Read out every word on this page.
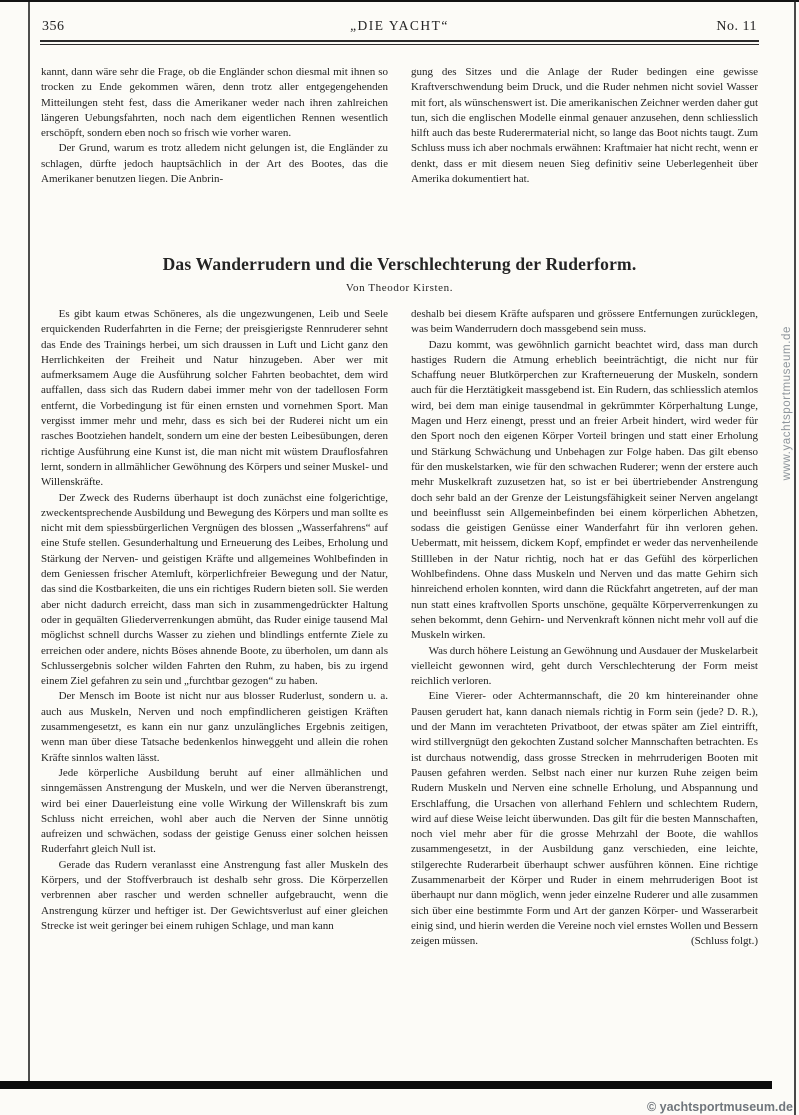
356	„DIE YACHT“	No. 11

kannt, dann wäre sehr die Frage, ob die Engländer schon diesmal mit ihnen so trocken zu Ende gekommen wären, denn trotz aller entgegengehenden Mitteilungen steht fest, dass die Amerikaner weder nach ihren zahlreichen längeren Uebungsfahrten, noch nach dem eigentlichen Rennen wesentlich erschöpft, sondern eben noch so frisch wie vorher waren.

Der Grund, warum es trotz alledem nicht gelungen ist, die Engländer zu schlagen, dürfte jedoch hauptsächlich in der Art des Bootes, das die Amerikaner benutzen liegen. Die Anbrin-

gung des Sitzes und die Anlage der Ruder bedingen eine gewisse Kraftverschwendung beim Druck, und die Ruder nehmen nicht soviel Wasser mit fort, als wünschenswert ist. Die amerikanischen Zeichner werden daher gut tun, sich die englischen Modelle einmal genauer anzusehen, denn schliesslich hilft auch das beste Ruderermaterial nicht, so lange das Boot nichts taugt. Zum Schluss muss ich aber nochmals erwähnen: Kraftmaier hat nicht recht, wenn er denkt, dass er mit diesem neuen Sieg definitiv seine Ueberlegenheit über Amerika dokumentiert hat.

Das Wanderrudern und die Verschlechterung der Ruderform.
Von Theodor Kirsten.

Es gibt kaum etwas Schöneres, als die ungezwungenen, Leib und Seele erquickenden Ruderfahrten in die Ferne; der preisgierigste Rennruderer sehnt das Ende des Trainings herbei, um sich draussen in Luft und Licht ganz den Herrlichkeiten der Freiheit und Natur hinzugeben. Aber wer mit aufmerksamem Auge die Ausführung solcher Fahrten beobachtet, dem wird auffallen, dass sich das Rudern dabei immer mehr von der tadellosen Form entfernt, die Vorbedingung ist für einen ernsten und vornehmen Sport. Man vergisst immer mehr und mehr, dass es sich bei der Ruderei nicht um ein rasches Bootziehen handelt, sondern um eine der besten Leibesübungen, deren richtige Ausführung eine Kunst ist, die man nicht mit wüstem Drauflosfahren lernt, sondern in allmählicher Gewöhnung des Körpers und seiner Muskel- und Willenskräfte.

Der Zweck des Ruderns überhaupt ist doch zunächst eine folgerichtige, zweckentsprechende Ausbildung und Bewegung des Körpers und man sollte es nicht mit dem spiessbürgerlichen Vergnügen des blossen „Wasserfahrens“ auf eine Stufe stellen. Gesunderhaltung und Erneuerung des Leibes, Erholung und Stärkung der Nerven- und geistigen Kräfte und allgemeines Wohlbefinden in dem Geniessen frischer Atemluft, körperlichfreier Bewegung und der Natur, das sind die Kostbarkeiten, die uns ein richtiges Rudern bieten soll. Sie werden aber nicht dadurch erreicht, dass man sich in zusammengedrückter Haltung oder in gequälten Gliederverrenkungen abmüht, das Ruder einige tausend Mal möglichst schnell durchs Wasser zu ziehen und blindlings entfernte Ziele zu erreichen oder andere, nichts Böses ahnende Boote, zu überholen, um dann als Schlussergebnis solcher wilden Fahrten den Ruhm, zu haben, bis zu irgend einem Ziel gefahren zu sein und „furchtbar gezogen“ zu haben.

Der Mensch im Boote ist nicht nur aus blosser Ruderlust, sondern u. a. auch aus Muskeln, Nerven und noch empfindlicheren geistigen Kräften zusammengesetzt, es kann ein nur ganz unzulängliches Ergebnis zeitigen, wenn man über diese Tatsache bedenkenlos hinweggeht und allein die rohen Kräfte sinnlos walten lässt.

Jede körperliche Ausbildung beruht auf einer allmählichen und sinngemässen Anstrengung der Muskeln, und wer die Nerven überanstrengt, wird bei einer Dauerleistung eine volle Wirkung der Willenskraft bis zum Schluss nicht erreichen, wohl aber auch die Nerven der Sinne unnötig aufreizen und schwächen, sodass der geistige Genuss einer solchen heissen Ruderfahrt gleich Null ist.

Gerade das Rudern veranlasst eine Anstrengung fast aller Muskeln des Körpers, und der Stoffverbrauch ist deshalb sehr gross. Die Körperzellen verbrennen aber rascher und werden schneller aufgebraucht, wenn die Anstrengung kürzer und heftiger ist. Der Gewichtsverlust auf einer gleichen Strecke ist weit geringer bei einem ruhigen Schlage, und man kann

deshalb bei diesem Kräfte aufsparen und grössere Entfernungen zurücklegen, was beim Wanderrudern doch massgebend sein muss.

Dazu kommt, was gewöhnlich garnicht beachtet wird, dass man durch hastiges Rudern die Atmung erheblich beeinträchtigt, die nicht nur für Schaffung neuer Blutkörperchen zur Krafterneuerung der Muskeln, sondern auch für die Herztätigkeit massgebend ist. Ein Rudern, das schliesslich atemlos wird, bei dem man einige tausendmal in gekrümmter Körperhaltung Lunge, Magen und Herz einengt, presst und an freier Arbeit hindert, wird weder für den Sport noch den eigenen Körper Vorteil bringen und statt einer Erholung und Stärkung Schwächung und Unbehagen zur Folge haben. Das gilt ebenso für den muskelstarken, wie für den schwachen Ruderer; wenn der erstere auch mehr Muskelkraft zuzusetzen hat, so ist er bei übertriebender Anstrengung doch sehr bald an der Grenze der Leistungsfähigkeit seiner Nerven angelangt und beeinflusst sein Allgemeinbefinden bei einem körperlichen Abhetzen, sodass die geistigen Genüsse einer Wanderfahrt für ihn verloren gehen. Uebermatt, mit heissem, dickem Kopf, empfindet er weder das nervenheilende Stillleben in der Natur richtig, noch hat er das Gefühl des körperlichen Wohlbefindens. Ohne dass Muskeln und Nerven und das matte Gehirn sich hinreichend erholen konnten, wird dann die Rückfahrt angetreten, auf der man nun statt eines kraftvollen Sports unschöne, gequälte Körperverrenkungen zu sehen bekommt, denn Gehirn- und Nervenkraft können nicht mehr voll auf die Muskeln wirken.

Was durch höhere Leistung an Gewöhnung und Ausdauer der Muskelarbeit vielleicht gewonnen wird, geht durch Verschlechterung der Form meist reichlich verloren.

Eine Vierer- oder Achtermannschaft, die 20 km hintereinander ohne Pausen gerudert hat, kann danach niemals richtig in Form sein (jede? D. R.), und der Mann im verachteten Privatboot, der etwas später am Ziel eintrifft, wird stillvergnügt den gekochten Zustand solcher Mannschaften betrachten. Es ist durchaus notwendig, dass grosse Strecken in mehrruderigen Booten mit Pausen gefahren werden. Selbst nach einer nur kurzen Ruhe zeigen beim Rudern Muskeln und Nerven eine schnelle Erholung, und Abspannung und Erschlaffung, die Ursachen von allerhand Fehlern und schlechtem Rudern, wird auf diese Weise leicht überwunden. Das gilt für die besten Mannschaften, noch viel mehr aber für die grosse Mehrzahl der Boote, die wahllos zusammengesetzt, in der Ausbildung ganz verschieden, eine leichte, stilgerechte Ruderarbeit überhaupt schwer ausführen können. Eine richtige Zusammenarbeit der Körper und Ruder in einem mehrruderigen Boot ist überhaupt nur dann möglich, wenn jeder einzelne Ruderer und alle zusammen sich über eine bestimmte Form und Art der ganzen Körper- und Wasserarbeit einig sind, und hierin werden die Vereine noch viel ernstes Wollen und Bessern zeigen müssen.	(Schluss folgt.)

www.yachtsportmuseum.de
© yachtsportmuseum.de
